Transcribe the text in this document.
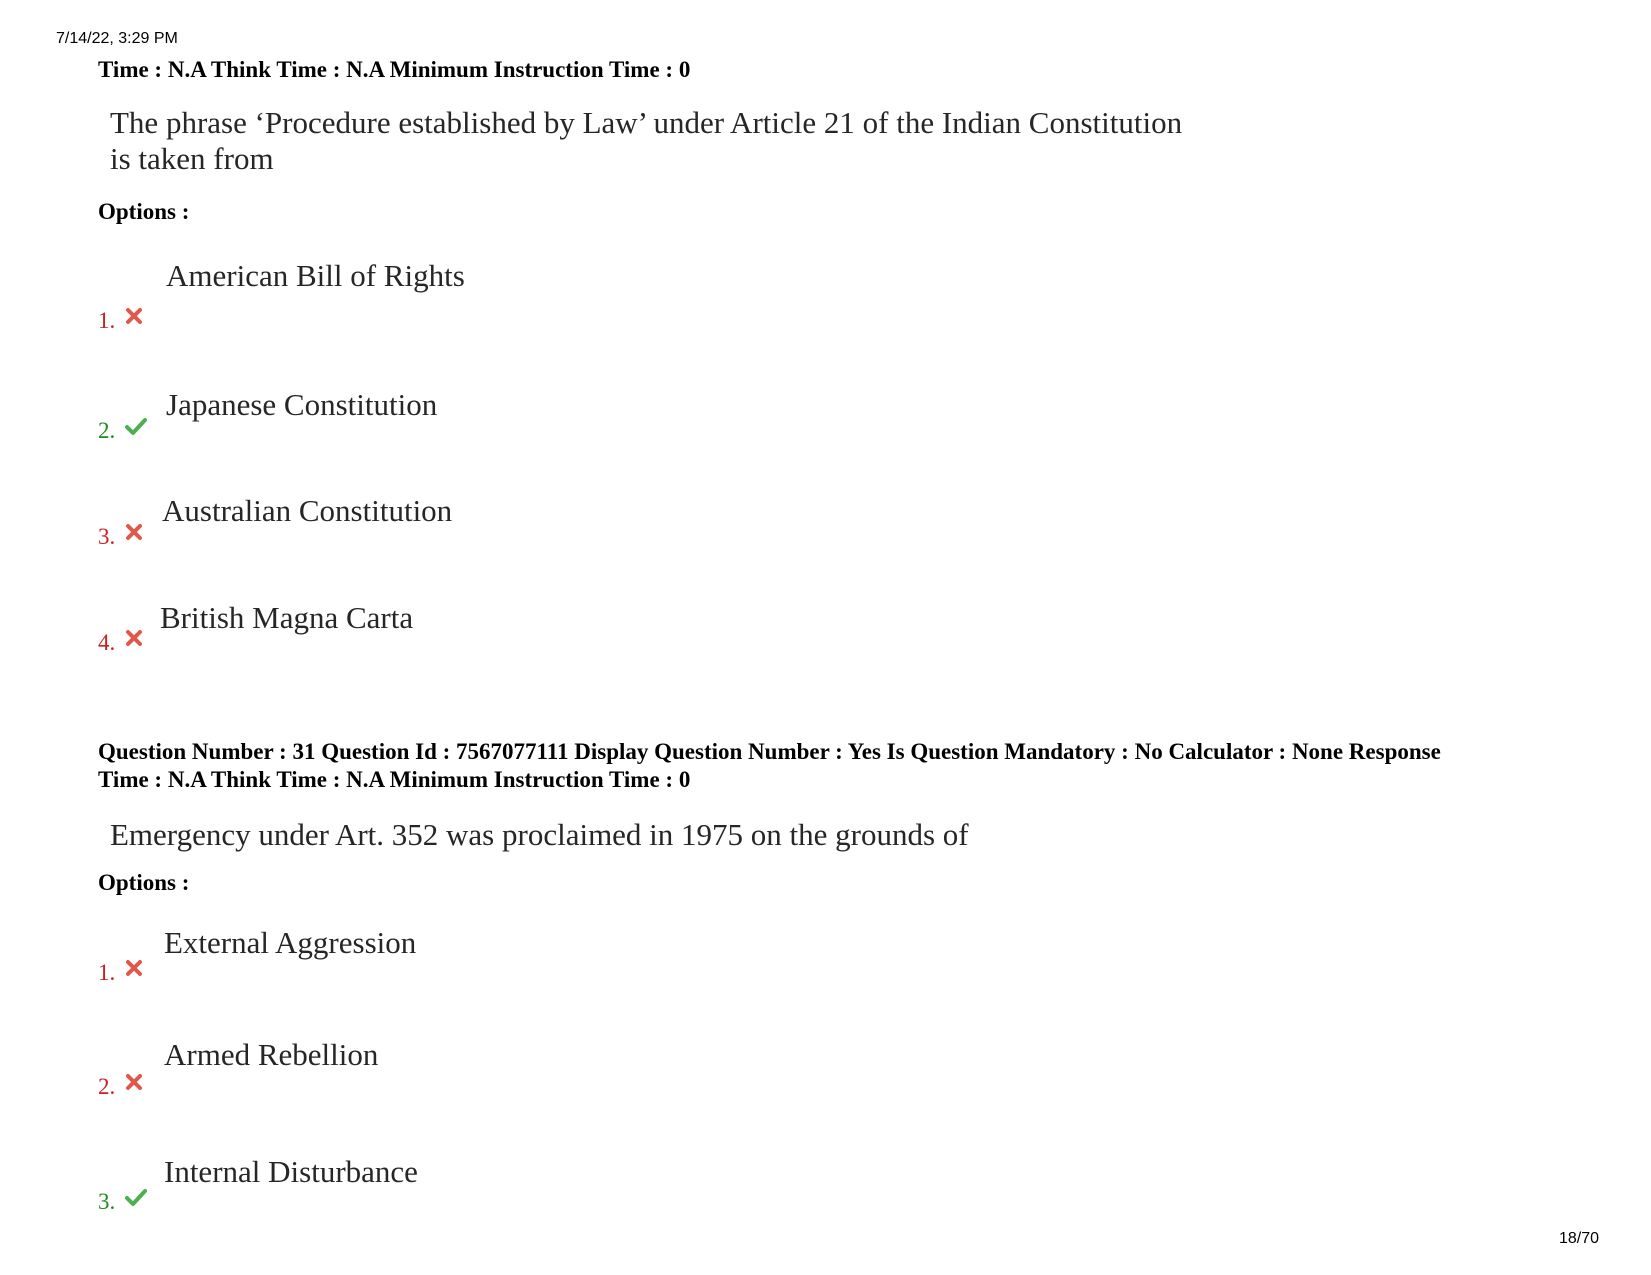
7/14/22, 3:29 PM
Time : N.A Think Time : N.A Minimum Instruction Time : 0
The phrase ‘Procedure established by Law’ under Article 21 of the Indian Constitution
is taken from
Options :
American Bill of Rights
1.
Japanese Constitution
2.
Australian Constitution
3.
British Magna Carta
4.
Question Number : 31 Question Id : 7567077111 Display Question Number : Yes Is Question Mandatory : No Calculator : None Response
Time : N.A Think Time : N.A Minimum Instruction Time : 0
Emergency under Art. 352 was proclaimed in 1975 on the grounds of
Options :
External Aggression
1.
Armed Rebellion
2.
Internal Disturbance
3.
18/70
